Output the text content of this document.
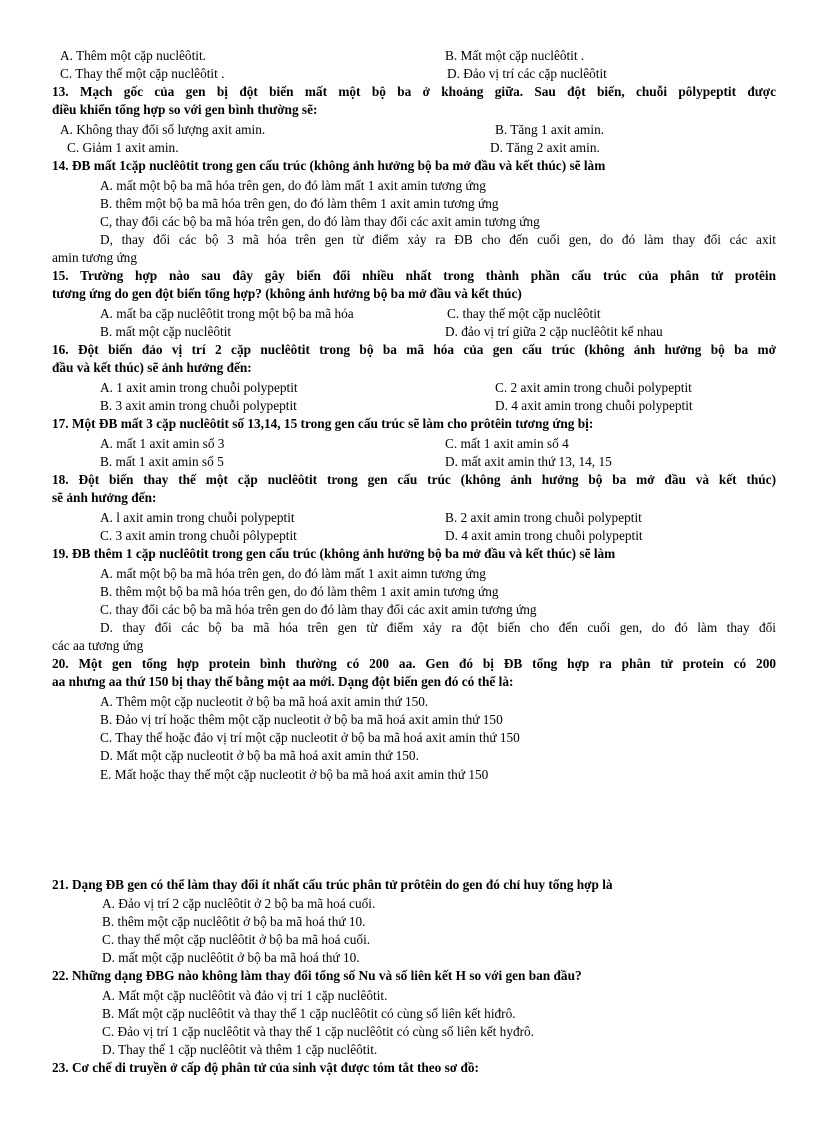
A. Thêm một cặp nuclêôtit.	B. Mất một cặp nuclêôtit .
C. Thay thế một cặp nuclêôtit .	D. Đảo vị trí các cặp nuclêôtit
13. Mạch gốc của gen bị đột biến mất một bộ ba ở khoảng giữa. Sau đột biến, chuỗi pôlypeptit được
điều khiển tổng hợp so với gen bình thường sẽ:
A. Không thay đổi số lượng axit amin.	B. Tăng 1 axit amin.
C. Giảm 1 axit amin.	D. Tăng 2 axit amin.
14. ĐB mất 1cặp nuclêôtit trong gen cấu trúc (không ảnh hưởng bộ ba mở đầu và kết thúc) sẽ làm
A. mất một bộ ba mã hóa trên gen, do đó làm mất 1 axit amin tương ứng
B. thêm một bộ ba mã hóa trên gen, do đó làm thêm 1 axit amin tương ứng
C, thay đổi các bộ ba mã hóa trên gen, do đó làm thay đổi các axit amin tương ứng
D, thay đổi các bộ 3 mã hóa trên gen từ điểm xảy ra ĐB cho đến cuối gen, do đó làm thay đổi các axit
amin tương ứng
15. Trường hợp nào sau đây gây biến đổi nhiều nhất trong thành phần cấu trúc của phân tử protêin
tương ứng do gen đột biến tổng hợp? (không ảnh hưởng bộ ba mở đầu và kết thúc)
A. mất ba cặp nuclêôtit trong một bộ ba mã hóa	C. thay thế một cặp nuclêôtit
B. mất một cặp nuclêôtit	D. đảo vị trí giữa 2 cặp nuclêôtit kế nhau
16. Đột biến đảo vị trí 2 cặp nuclêôtit trong bộ ba mã hóa của gen cấu trúc (không ảnh hưởng bộ ba mở
đầu và kết thúc) sẽ ảnh hưởng đến:
A. 1 axit amin trong chuỗi polypeptit	C. 2 axit amin trong chuỗi polypeptit
B. 3 axit amin trong chuỗi polypeptit	D. 4 axit amin trong chuỗi polypeptit
17. Một ĐB mất 3 cặp nuclêôtit số 13,14, 15 trong gen cấu trúc sẽ làm cho prôtêin tương ứng bị:
A. mất 1 axit amin số 3	C. mất 1 axit amin số 4
B. mất 1 axit amin số 5	D. mất axit amin thứ 13, 14, 15
18. Đột biến thay thế một cặp nuclêôtit trong gen cấu trúc (không ảnh hưởng bộ ba mở đầu và kết thúc)
sẽ ảnh hưởng đến:
A. l axit amin trong chuỗi polypeptit	B. 2 axit amin trong chuỗi polypeptit
C. 3 axit amin trong chuỗi pôlypeptit	D. 4 axit amin trong chuỗi polypeptit
19. ĐB thêm 1 cặp nuclêôtit trong gen cấu trúc (không ảnh hưởng bộ ba mở đầu và kết thúc) sẽ làm
A. mất một bộ ba mã hóa trên gen, do đó làm mất 1 axit aimn tương ứng
B. thêm một bộ ba mã hóa trên gen, do đó làm thêm 1 axit amin tương ứng
C. thay đổi các bộ ba mã hóa trên gen do đó làm thay đổi các axit amin tương ứng
D. thay đổi các bộ ba mã hóa trên gen từ điểm xảy ra đột biến cho đến cuối gen, do đó làm thay đổi
các aa tương ứng
20. Một gen tổng hợp protein bình thường có 200 aa. Gen đó bị ĐB tổng hợp ra phân tử protein có 200
aa nhưng aa thứ 150 bị thay thế bằng một aa mới. Dạng đột biến gen đó có thể là:
A. Thêm một cặp nucleotit ở bộ ba mã hoá axit amin thứ 150.
B. Đảo vị trí hoặc thêm một cặp nucleotit ở bộ ba mã hoá axit amin thứ 150
C. Thay thế hoặc đảo vị trí một cặp nucleotit ở bộ ba mã hoá axit amin thứ 150
D. Mất một cặp nucleotit ở bộ ba mã hoá axit amin thứ 150.
E. Mất hoặc thay thế một cặp nucleotit ở bộ ba mã hoá axit amin thứ 150
21. Dạng ĐB gen có thể làm thay đổi ít nhất cấu trúc phân tử prôtêin do gen đó chỉ huy tổng hợp là
A. Đảo vị trí 2 cặp nuclêôtit ở 2 bộ ba mã hoá cuối.
B. thêm một cặp nuclêôtit ở bộ ba mã hoá thứ 10.
C. thay thế một cặp nuclêôtit ở bộ ba mã hoá cuối.
D. mất một cặp nuclêôtit ở bộ ba mã hoá thứ 10.
22. Những dạng ĐBG nào không làm thay đổi tổng số Nu và số liên kết H so với gen ban đầu?
A. Mất một cặp nuclêôtit và đảo vị trí 1 cặp nuclêôtit.
B. Mất một cặp nuclêôtit và thay thế 1 cặp nuclêôtit có cùng số liên kết hiđrô.
C. Đảo vị trí 1 cặp nuclêôtit và thay thế 1 cặp nuclêôtit có cùng số liên kết hyđrô.
D. Thay thế 1 cặp nuclêôtit và thêm 1 cặp nuclêôtit.
23. Cơ chế di truyền ở cấp độ phân tử của sinh vật được tóm tắt theo sơ đồ:
